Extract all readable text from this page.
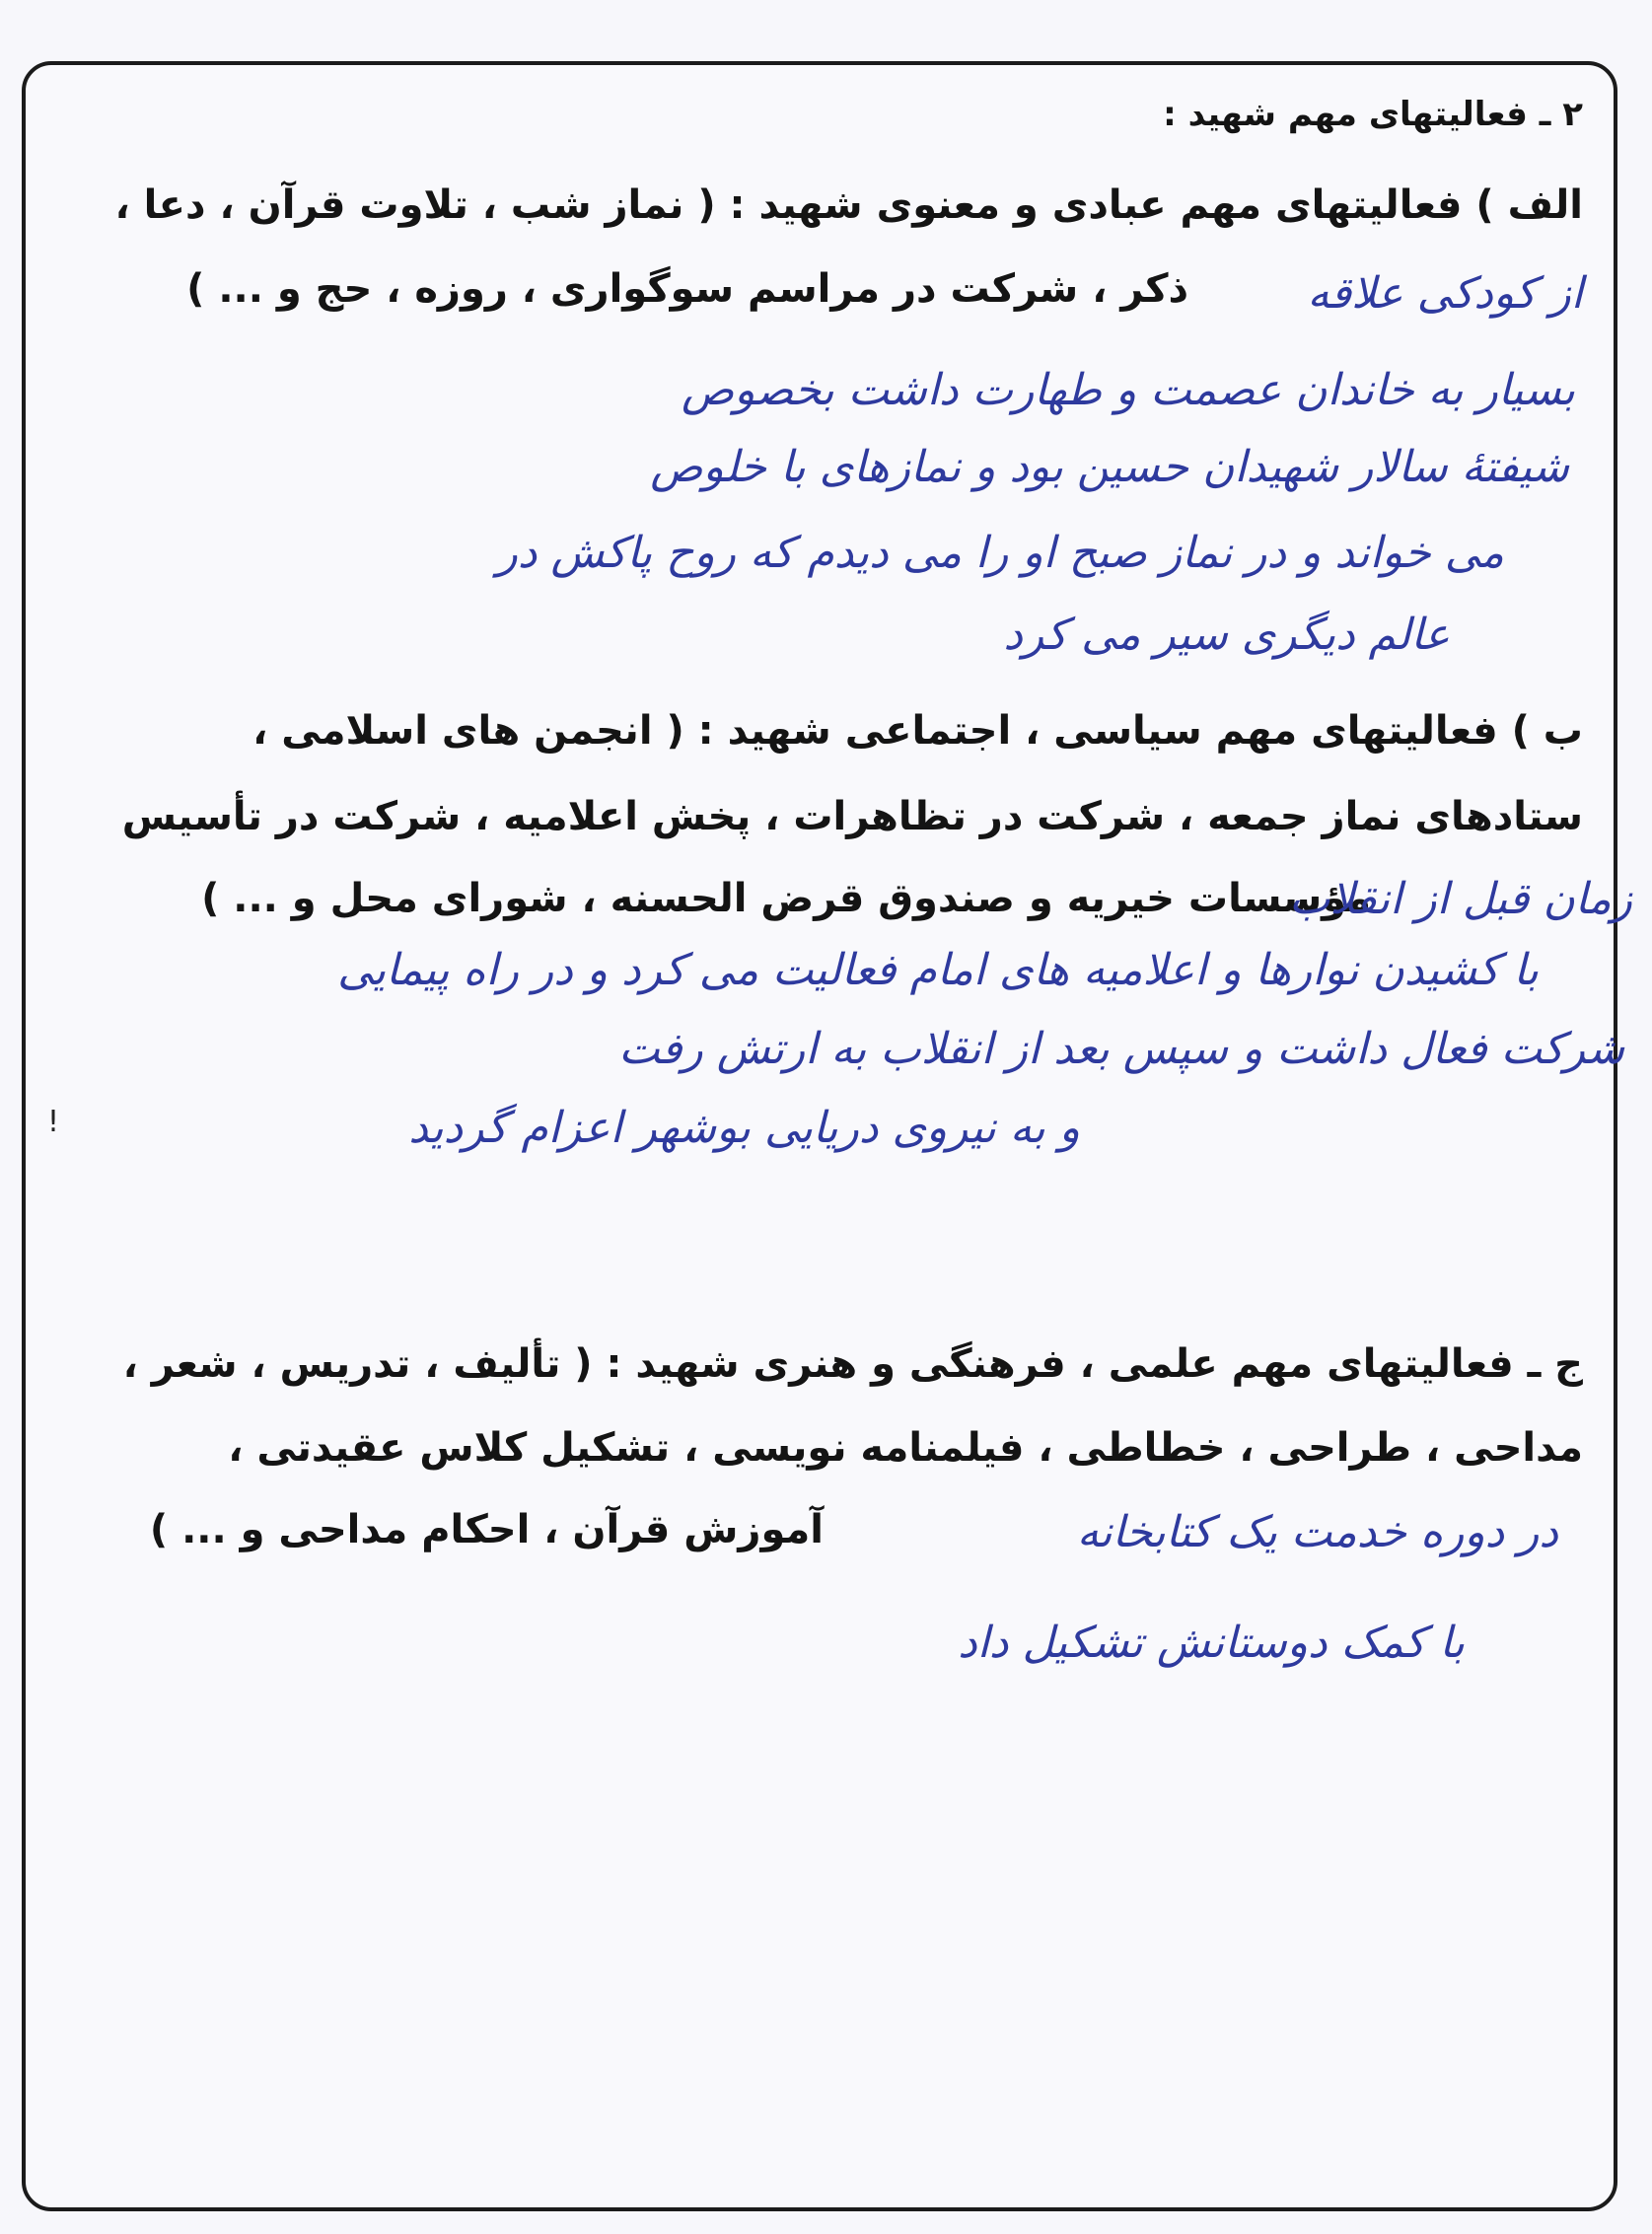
۲ ـ فعالیتهای مهم شهید :
الف ) فعالیتهای مهم عبادی و معنوی شهید : ( نماز شب ، تلاوت قرآن ، دعا ،
ذکر ، شرکت در مراسم سوگواری ، روزه ، حج و ... )	از کودکی علاقه
بسیار به خاندان عصمت و طهارت داشت بخصوص
شیفتهٔ سالار شهیدان حسین بود و نمازهای با خلوص
می خواند و در نماز صبح او را می دیدم که روح پاکش در
عالم دیگری سیر می کرد
ب ) فعالیتهای مهم سیاسی ، اجتماعی شهید : ( انجمن های اسلامی ،
ستادهای نماز جمعه ، شرکت در تظاهرات ، پخش اعلامیه ، شرکت در تأسیس
مؤسسات خیریه و صندوق قرض الحسنه ، شورای محل و ... )
زمان قبل از انقلاب
با کشیدن نوارها و اعلامیه های امام فعالیت می کرد و در راه پیمایی
شرکت فعال داشت و سپس بعد از انقلاب به ارتش رفت
و به نیروی دریایی بوشهر اعزام گردید
!
ج ـ فعالیتهای مهم علمی ، فرهنگی و هنری شهید : ( تألیف ، تدریس ، شعر ،
مداحی ، طراحی ، خطاطی ، فیلمنامه نویسی ، تشکیل کلاس عقیدتی ،
آموزش قرآن ، احکام مداحی و ... )	در دوره خدمت یک کتابخانه
با کمک دوستانش تشکیل داد
